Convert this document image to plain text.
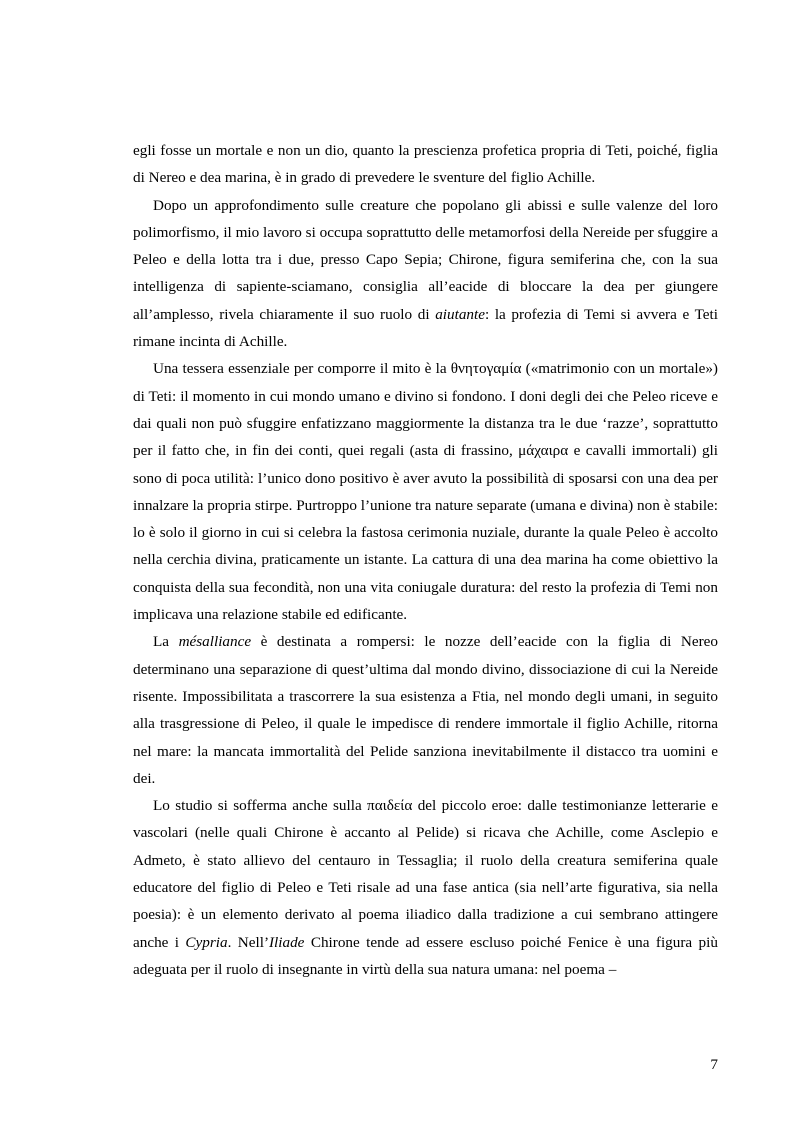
egli fosse un mortale e non un dio, quanto la prescienza profetica propria di Teti, poiché, figlia di Nereo e dea marina, è in grado di prevedere le sventure del figlio Achille.

Dopo un approfondimento sulle creature che popolano gli abissi e sulle valenze del loro polimorfismo, il mio lavoro si occupa soprattutto delle metamorfosi della Nereide per sfuggire a Peleo e della lotta tra i due, presso Capo Sepia; Chirone, figura semiferina che, con la sua intelligenza di sapiente-sciamano, consiglia all’eacide di bloccare la dea per giungere all’amplesso, rivela chiaramente il suo ruolo di aiutante: la profezia di Temi si avvera e Teti rimane incinta di Achille.

Una tessera essenziale per comporre il mito è la θνητογαμία («matrimonio con un mortale») di Teti: il momento in cui mondo umano e divino si fondono. I doni degli dei che Peleo riceve e dai quali non può sfuggire enfatizzano maggiormente la distanza tra le due ‘razze’, soprattutto per il fatto che, in fin dei conti, quei regali (asta di frassino, μάχαιρα e cavalli immortali) gli sono di poca utilità: l’unico dono positivo è aver avuto la possibilità di sposarsi con una dea per innalzare la propria stirpe. Purtroppo l’unione tra nature separate (umana e divina) non è stabile: lo è solo il giorno in cui si celebra la fastosa cerimonia nuziale, durante la quale Peleo è accolto nella cerchia divina, praticamente un istante. La cattura di una dea marina ha come obiettivo la conquista della sua fecondità, non una vita coniugale duratura: del resto la profezia di Temi non implicava una relazione stabile ed edificante.

La mésalliance è destinata a rompersi: le nozze dell’eacide con la figlia di Nereo determinano una separazione di quest’ultima dal mondo divino, dissociazione di cui la Nereide risente. Impossibilitata a trascorrere la sua esistenza a Ftia, nel mondo degli umani, in seguito alla trasgressione di Peleo, il quale le impedisce di rendere immortale il figlio Achille, ritorna nel mare: la mancata immortalità del Pelide sanziona inevitabilmente il distacco tra uomini e dei.

Lo studio si sofferma anche sulla παιδεία del piccolo eroe: dalle testimonianze letterarie e vascolari (nelle quali Chirone è accanto al Pelide) si ricava che Achille, come Asclepio e Admeto, è stato allievo del centauro in Tessaglia; il ruolo della creatura semiferina quale educatore del figlio di Peleo e Teti risale ad una fase antica (sia nell’arte figurativa, sia nella poesia): è un elemento derivato al poema iliadico dalla tradizione a cui sembrano attingere anche i Cypria. Nell’Iliade Chirone tende ad essere escluso poiché Fenice è una figura più adeguata per il ruolo di insegnante in virtù della sua natura umana: nel poema –

7
